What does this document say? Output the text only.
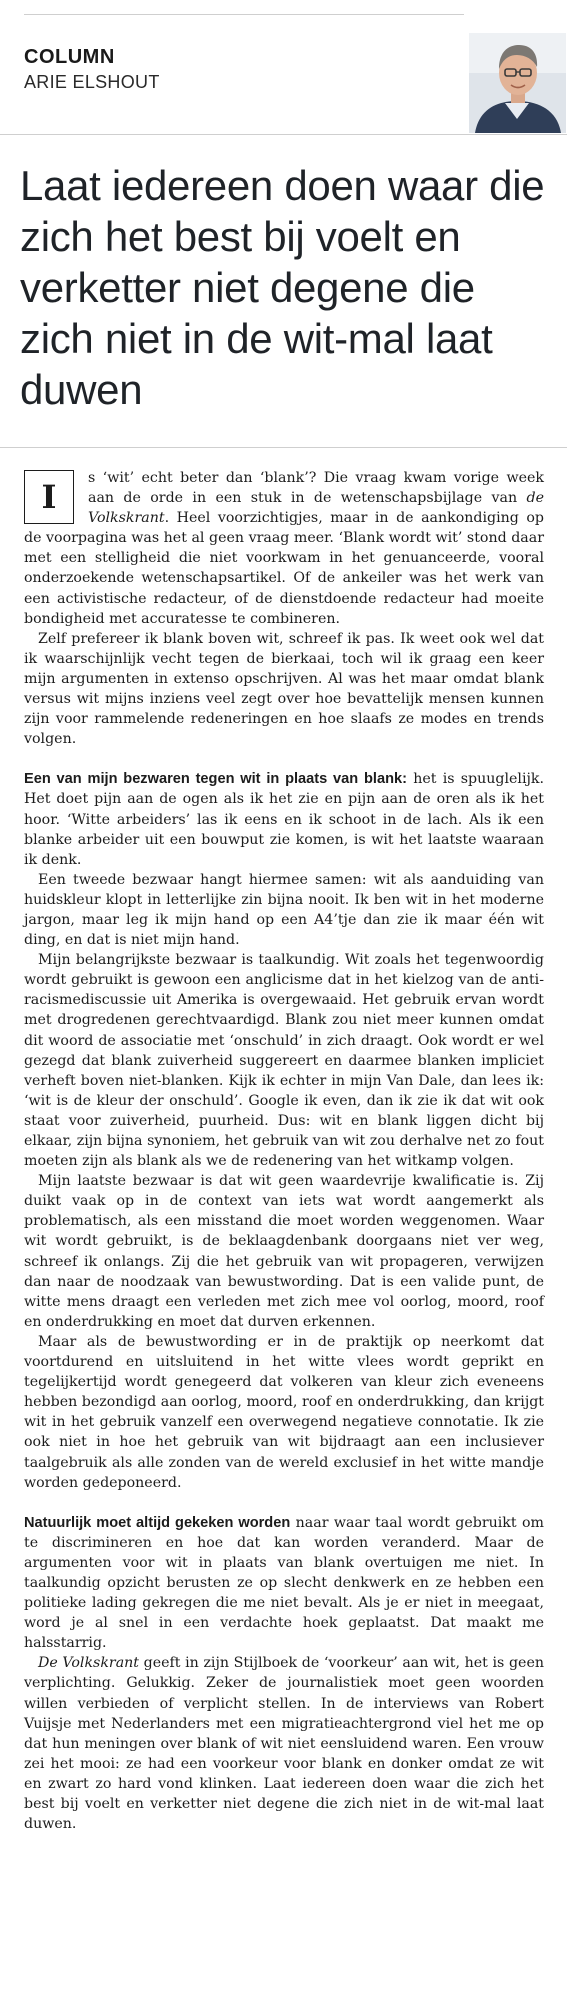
COLUMN
ARIE ELSHOUT
Laat iedereen doen waar die zich het best bij voelt en verketter niet degene die zich niet in de wit-mal laat duwen

I	s ‘wit’ echt beter dan ‘blank’? Die vraag kwam vorige week aan de orde in een stuk in de wetenschapsbijlage van de Volkskrant. Heel voorzichtigjes, maar in de aankondiging op de voorpagina was het al geen vraag meer. ‘Blank wordt wit’ stond daar met een stelligheid die niet voorkwam in het genuanceerde, vooral onderzoekende wetenschapsartikel. Of de ankeiler was het werk van een activistische redacteur, of de dienstdoende redacteur had moeite bondigheid met accuratesse te combineren.

Zelf prefereer ik blank boven wit, schreef ik pas. Ik weet ook wel dat ik waarschijnlijk vecht tegen de bierkaai, toch wil ik graag een keer mijn argumenten in extenso opschrijven. Al was het maar omdat blank versus wit mijns inziens veel zegt over hoe bevattelijk mensen kunnen zijn voor rammelende redeneringen en hoe slaafs ze modes en trends volgen.

Een van mijn bezwaren tegen wit in plaats van blank: het is spuuglelijk. Het doet pijn aan de ogen als ik het zie en pijn aan de oren als ik het hoor. ‘Witte arbeiders’ las ik eens en ik schoot in de lach. Als ik een blanke arbeider uit een bouwput zie komen, is wit het laatste waaraan ik denk.

Een tweede bezwaar hangt hiermee samen: wit als aanduiding van huidskleur klopt in letterlijke zin bijna nooit. Ik ben wit in het moderne jargon, maar leg ik mijn hand op een A4’tje dan zie ik maar één wit ding, en dat is niet mijn hand.

Mijn belangrijkste bezwaar is taalkundig. Wit zoals het tegenwoordig wordt gebruikt is gewoon een anglicisme dat in het kielzog van de anti-racismediscussie uit Amerika is overgewaaid. Het gebruik ervan wordt met drogredenen gerechtvaardigd. Blank zou niet meer kunnen omdat dit woord de associatie met ‘onschuld’ in zich draagt. Ook wordt er wel gezegd dat blank zuiverheid suggereert en daarmee blanken impliciet verheft boven niet-blanken. Kijk ik echter in mijn Van Dale, dan lees ik: ‘wit is de kleur der onschuld’. Google ik even, dan ik zie ik dat wit ook staat voor zuiverheid, puurheid. Dus: wit en blank liggen dicht bij elkaar, zijn bijna synoniem, het gebruik van wit zou derhalve net zo fout moeten zijn als blank als we de redenering van het witkamp volgen.

Mijn laatste bezwaar is dat wit geen waardevrije kwalificatie is. Zij duikt vaak op in de context van iets wat wordt aangemerkt als problematisch, als een misstand die moet worden weggenomen. Waar wit wordt gebruikt, is de beklaagdenbank doorgaans niet ver weg, schreef ik onlangs. Zij die het gebruik van wit propageren, verwijzen dan naar de noodzaak van bewustwording. Dat is een valide punt, de witte mens draagt een verleden met zich mee vol oorlog, moord, roof en onderdrukking en moet dat durven erkennen.

Maar als de bewustwording er in de praktijk op neerkomt dat voortdurend en uitsluitend in het witte vlees wordt geprikt en tegelijkertijd wordt genegeerd dat volkeren van kleur zich eveneens hebben bezondigd aan oorlog, moord, roof en onderdrukking, dan krijgt wit in het gebruik vanzelf een overwegend negatieve connotatie. Ik zie ook niet in hoe het gebruik van wit bijdraagt aan een inclusiever taalgebruik als alle zonden van de wereld exclusief in het witte mandje worden gedeponeerd.

Natuurlijk moet altijd gekeken worden naar waar taal wordt gebruikt om te discrimineren en hoe dat kan worden veranderd. Maar de argumenten voor wit in plaats van blank overtuigen me niet. In taalkundig opzicht berusten ze op slecht denkwerk en ze hebben een politieke lading gekregen die me niet bevalt. Als je er niet in meegaat, word je al snel in een verdachte hoek geplaatst. Dat maakt me halsstarrig.

De Volkskrant geeft in zijn Stijlboek de ‘voorkeur’ aan wit, het is geen verplichting. Gelukkig. Zeker de journalistiek moet geen woorden willen verbieden of verplicht stellen. In de interviews van Robert Vuijsje met Nederlanders met een migratieachtergrond viel het me op dat hun meningen over blank of wit niet eensluidend waren. Een vrouw zei het mooi: ze had een voorkeur voor blank en donker omdat ze wit en zwart zo hard vond klinken. Laat iedereen doen waar die zich het best bij voelt en verketter niet degene die zich niet in de wit-mal laat duwen.
